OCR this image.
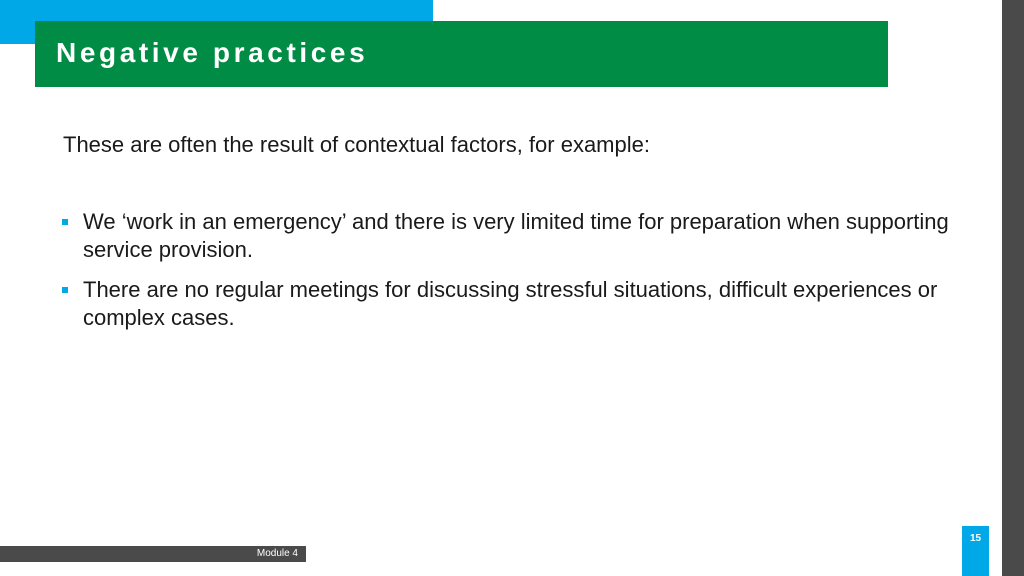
Negative practices
These are often the result of contextual factors, for example:
We ‘work in an emergency’ and there is very limited time for preparation when supporting service provision.
There are no regular meetings for discussing stressful situations, difficult experiences or complex cases.
Module 4
15
